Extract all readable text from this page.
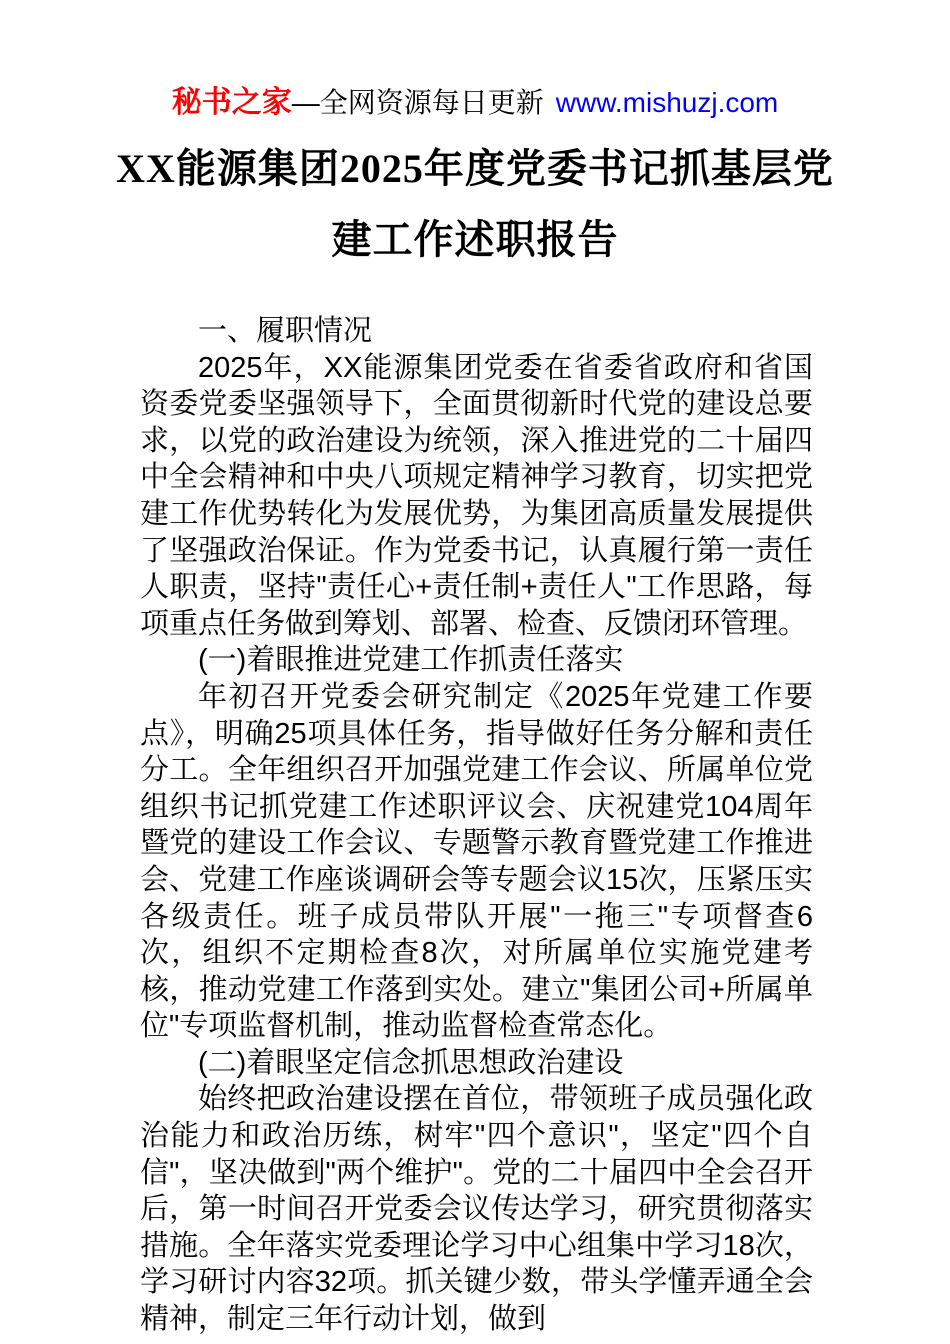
秘书之家—全网资源每日更新 www.mishuzj.com
XX能源集团2025年度党委书记抓基层党
建工作述职报告

一、履职情况

2025年，XX能源集团党委在省委省政府和省国资委党委坚强领导下，全面贯彻新时代党的建设总要求，以党的政治建设为统领，深入推进党的二十届四中全会精神和中央八项规定精神学习教育，切实把党建工作优势转化为发展优势，为集团高质量发展提供了坚强政治保证。作为党委书记，认真履行第一责任人职责，坚持"责任心+责任制+责任人"工作思路，每项重点任务做到筹划、部署、检查、反馈闭环管理。

(一)着眼推进党建工作抓责任落实

年初召开党委会研究制定《2025年党建工作要点》，明确25项具体任务，指导做好任务分解和责任分工。全年组织召开加强党建工作会议、所属单位党组织书记抓党建工作述职评议会、庆祝建党104周年暨党的建设工作会议、专题警示教育暨党建工作推进会、党建工作座谈调研会等专题会议15次，压紧压实各级责任。班子成员带队开展"一拖三"专项督查6次，组织不定期检查8次，对所属单位实施党建考核，推动党建工作落到实处。建立"集团公司+所属单位"专项监督机制，推动监督检查常态化。

(二)着眼坚定信念抓思想政治建设

始终把政治建设摆在首位，带领班子成员强化政治能力和政治历练，树牢"四个意识"，坚定"四个自信"，坚决做到"两个维护"。党的二十届四中全会召开后，第一时间召开党委会议传达学习，研究贯彻落实措施。全年落实党委理论学习中心组集中学习18次，学习研讨内容32项。抓关键少数，带头学懂弄通全会精神，制定三年行动计划，做到
